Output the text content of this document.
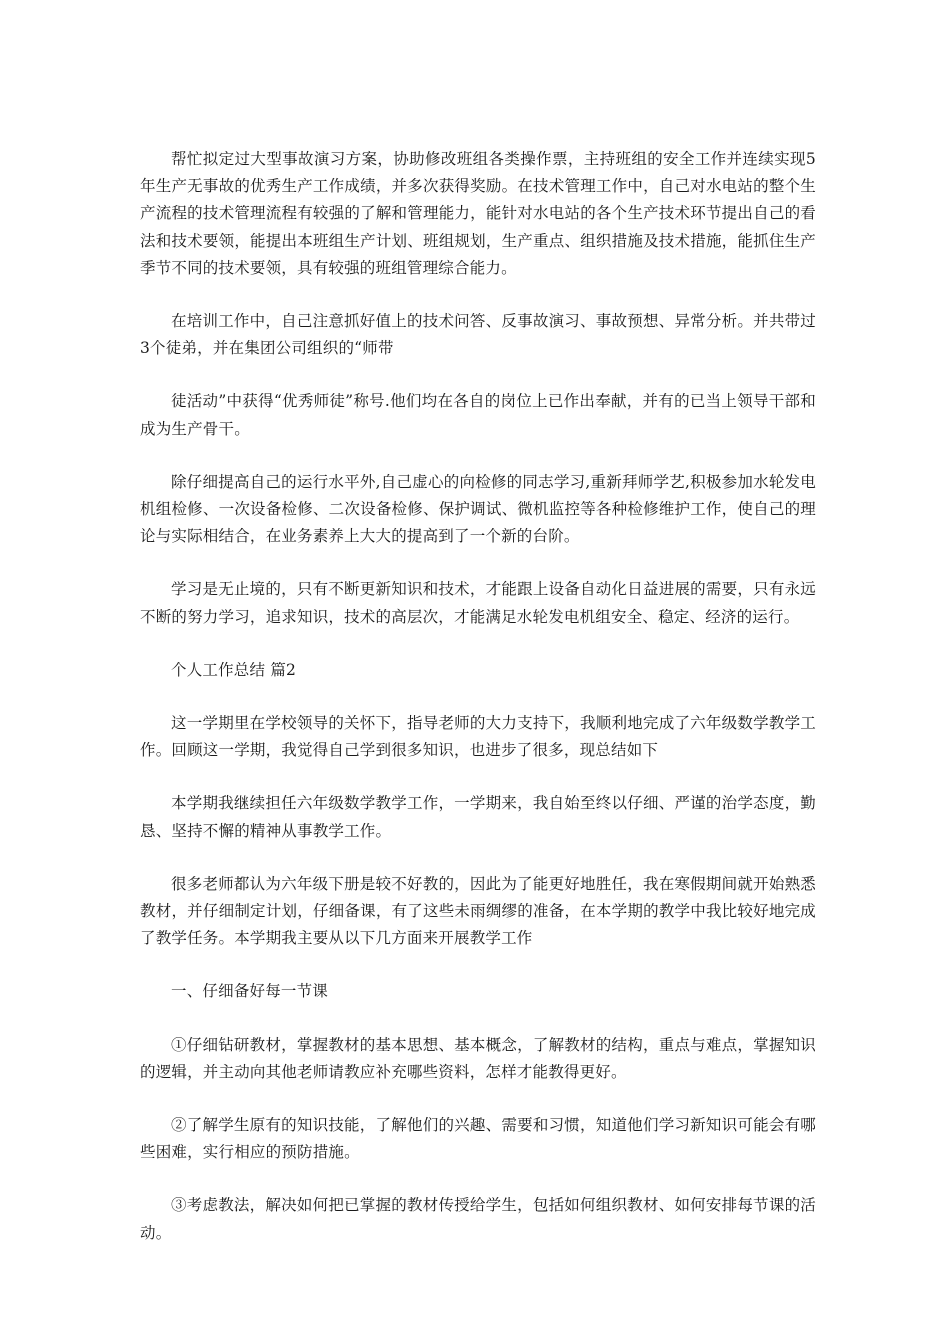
帮忙拟定过大型事故演习方案，协助修改班组各类操作票，主持班组的安全工作并连续实现5年生产无事故的优秀生产工作成绩，并多次获得奖励。在技术管理工作中，自己对水电站的整个生产流程的技术管理流程有较强的了解和管理能力，能针对水电站的各个生产技术环节提出自己的看法和技术要领，能提出本班组生产计划、班组规划，生产重点、组织措施及技术措施，能抓住生产季节不同的技术要领，具有较强的班组管理综合能力。

在培训工作中，自己注意抓好值上的技术问答、反事故演习、事故预想、异常分析。并共带过3个徒弟，并在集团公司组织的“师带

徒活动”中获得“优秀师徒”称号.他们均在各自的岗位上已作出奉献，并有的已当上领导干部和成为生产骨干。

除仔细提高自己的运行水平外,自己虚心的向检修的同志学习,重新拜师学艺,积极参加水轮发电机组检修、一次设备检修、二次设备检修、保护调试、微机监控等各种检修维护工作，使自己的理论与实际相结合，在业务素养上大大的提高到了一个新的台阶。

学习是无止境的，只有不断更新知识和技术，才能跟上设备自动化日益进展的需要，只有永远不断的努力学习，追求知识，技术的高层次，才能满足水轮发电机组安全、稳定、经济的运行。

个人工作总结 篇2

这一学期里在学校领导的关怀下，指导老师的大力支持下，我顺利地完成了六年级数学教学工作。回顾这一学期，我觉得自己学到很多知识，也进步了很多，现总结如下

本学期我继续担任六年级数学教学工作，一学期来，我自始至终以仔细、严谨的治学态度，勤恳、坚持不懈的精神从事教学工作。

很多老师都认为六年级下册是较不好教的，因此为了能更好地胜任，我在寒假期间就开始熟悉教材，并仔细制定计划，仔细备课，有了这些未雨绸缪的准备，在本学期的教学中我比较好地完成了教学任务。本学期我主要从以下几方面来开展教学工作

一、仔细备好每一节课

①仔细钻研教材，掌握教材的基本思想、基本概念，了解教材的结构，重点与难点，掌握知识的逻辑，并主动向其他老师请教应补充哪些资料，怎样才能教得更好。

②了解学生原有的知识技能，了解他们的兴趣、需要和习惯，知道他们学习新知识可能会有哪些困难，实行相应的预防措施。

③考虑教法，解决如何把已掌握的教材传授给学生，包括如何组织教材、如何安排每节课的活动。
